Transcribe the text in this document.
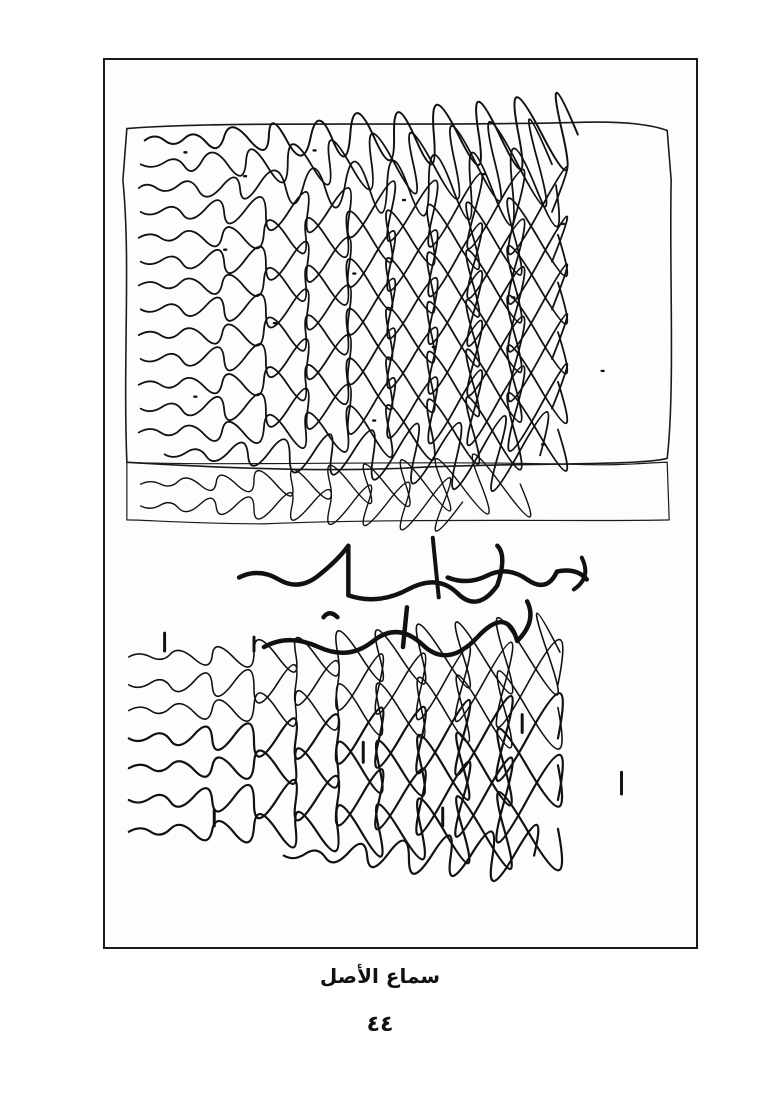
سماع الأصل
٤٤
